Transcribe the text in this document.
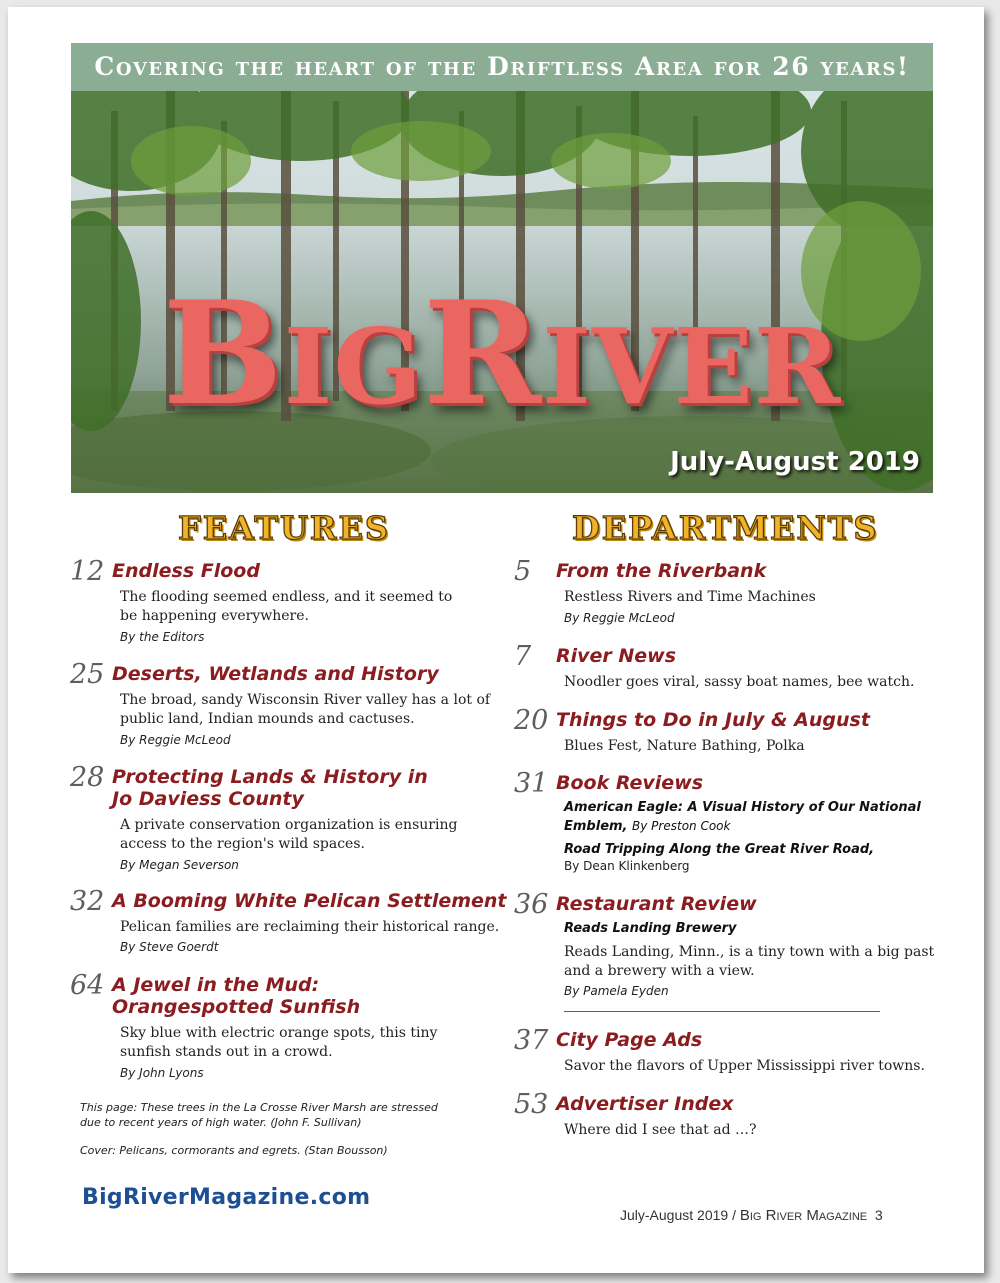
Covering the heart of the Driftless Area for 26 years!
BIGRIVER
July-August 2019
FEATURES	DEPARTMENTS
12 Endless Flood
The flooding seemed endless, and it seemed to be happening everywhere.
By the Editors
25 Deserts, Wetlands and History
The broad, sandy Wisconsin River valley has a lot of public land, Indian mounds and cactuses.
By Reggie McLeod
28 Protecting Lands & History in
Jo Daviess County
A private conservation organization is ensuring access to the region's wild spaces.
By Megan Severson
32 A Booming White Pelican Settlement
Pelican families are reclaiming their historical range.
By Steve Goerdt
64 A Jewel in the Mud:
Orangespotted Sunfish
Sky blue with electric orange spots, this tiny sunfish stands out in a crowd.
By John Lyons
This page: These trees in the La Crosse River Marsh are stressed due to recent years of high water. (John F. Sullivan)
Cover: Pelicans, cormorants and egrets. (Stan Bousson)
5 From the Riverbank
Restless Rivers and Time Machines
By Reggie McLeod
7 River News
Noodler goes viral, sassy boat names, bee watch.
20 Things to Do in July & August
Blues Fest, Nature Bathing, Polka
31 Book Reviews
American Eagle: A Visual History of Our National Emblem, By Preston Cook
Road Tripping Along the Great River Road,
By Dean Klinkenberg
36 Restaurant Review
Reads Landing Brewery
Reads Landing, Minn., is a tiny town with a big past and a brewery with a view.
By Pamela Eyden
37 City Page Ads
Savor the flavors of Upper Mississippi river towns.
53 Advertiser Index
Where did I see that ad …?
BigRiverMagazine.com
July-August 2019 / Big River Magazine 3
